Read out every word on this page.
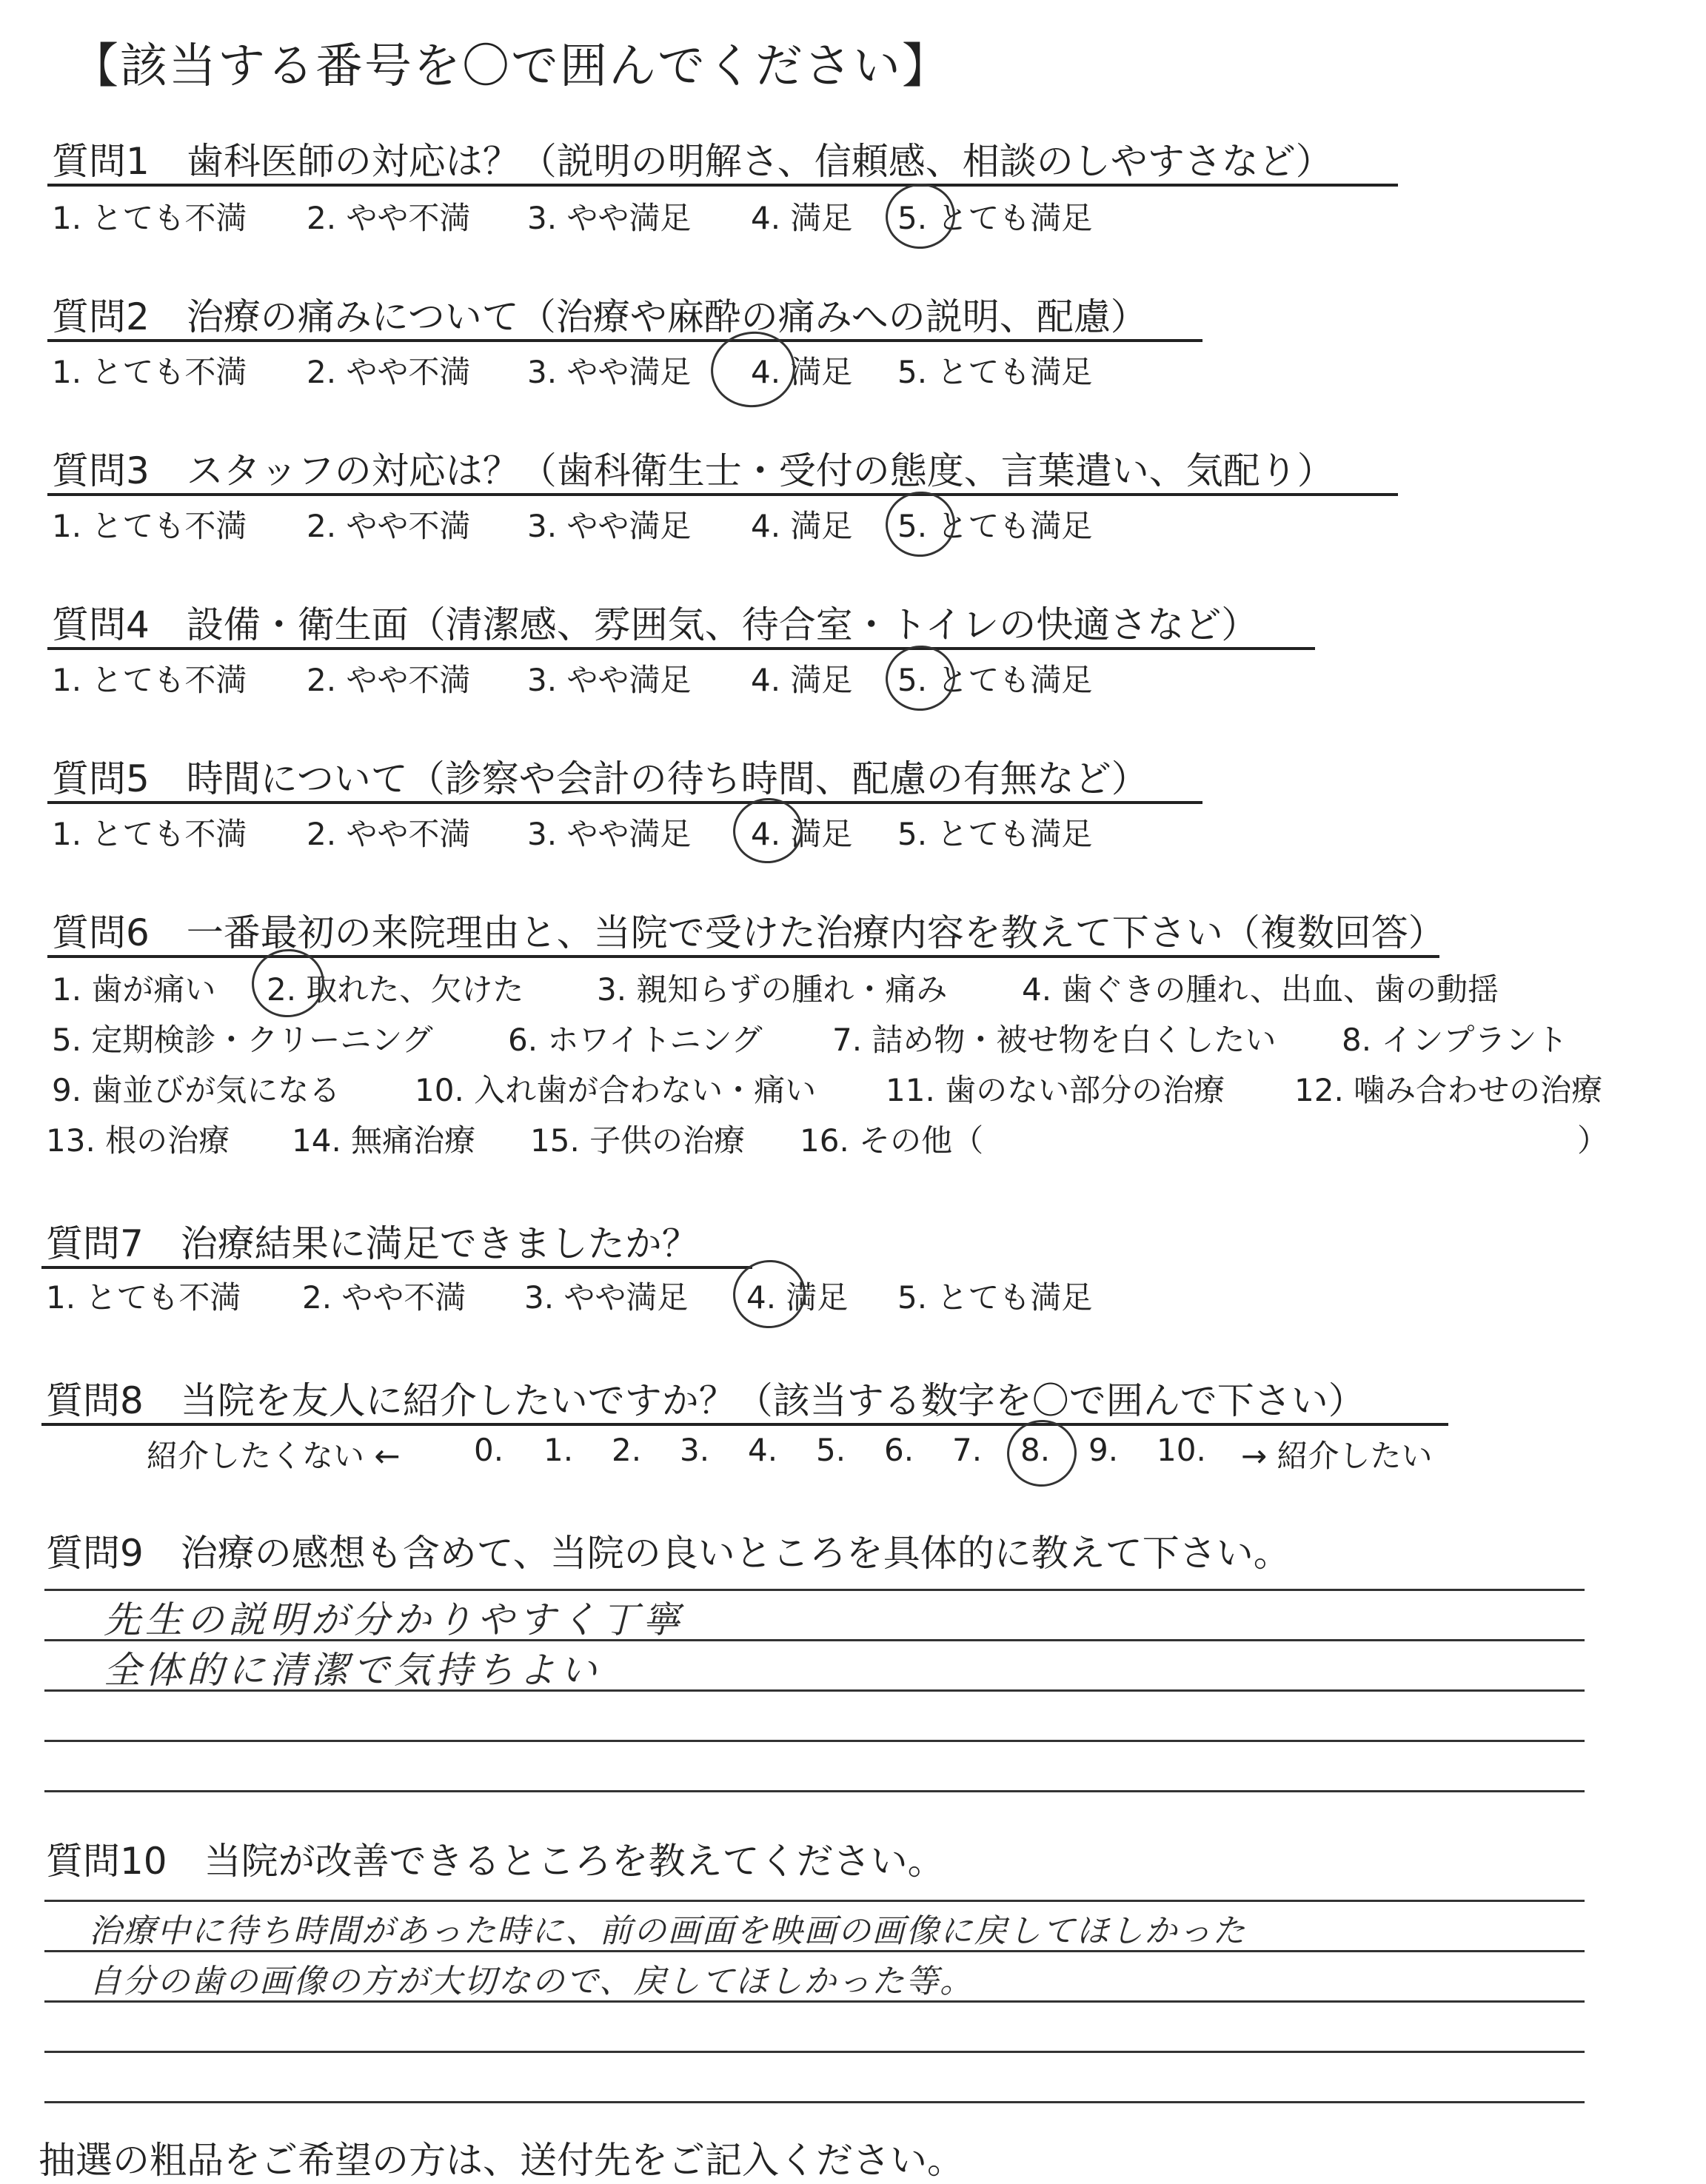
【該当する番号を〇で囲んでください】
質問1　歯科医師の対応は？（説明の明解さ、信頼感、相談のしやすさなど）
1. とても不満 2. やや不満 3. やや満足 4. 満足 5. とても満足
質問2　治療の痛みについて（治療や麻酔の痛みへの説明、配慮）
1. とても不満 2. やや不満 3. やや満足 4. 満足 5. とても満足
質問3　スタッフの対応は？（歯科衛生士・受付の態度、言葉遣い、気配り）
1. とても不満 2. やや不満 3. やや満足 4. 満足 5. とても満足
質問4　設備・衛生面（清潔感、雰囲気、待合室・トイレの快適さなど）
1. とても不満 2. やや不満 3. やや満足 4. 満足 5. とても満足
質問5　時間について（診察や会計の待ち時間、配慮の有無など）
1. とても不満 2. やや不満 3. やや満足 4. 満足 5. とても満足
質問6　一番最初の来院理由と、当院で受けた治療内容を教えて下さい（複数回答）
1. 歯が痛い 2. 取れた、欠けた 3. 親知らずの腫れ・痛み 4. 歯ぐきの腫れ、出血、歯の動揺
5. 定期検診・クリーニング 6. ホワイトニング 7. 詰め物・被せ物を白くしたい 8. インプラント
9. 歯並びが気になる 10. 入れ歯が合わない・痛い 11. 歯のない部分の治療 12. 噛み合わせの治療
13. 根の治療 14. 無痛治療 15. 子供の治療 16. その他（	）
質問7　治療結果に満足できましたか？
1. とても不満 2. やや不満 3. やや満足 4. 満足 5. とても満足
質問8　当院を友人に紹介したいですか？（該当する数字を〇で囲んで下さい）
紹介したくない ← 0. 1. 2. 3. 4. 5. 6. 7. 8. 9. 10. → 紹介したい
質問9　治療の感想も含めて、当院の良いところを具体的に教えて下さい。
先生の説明が分かりやすく丁寧
全体的に清潔で気持ちよい
質問10　当院が改善できるところを教えてください。
治療中に待ち時間があった時に、前の画面を映画の画像に戻してほしかった
自分の歯の画像の方が大切なので、戻してほしかった等。
抽選の粗品をご希望の方は、送付先をご記入ください。
